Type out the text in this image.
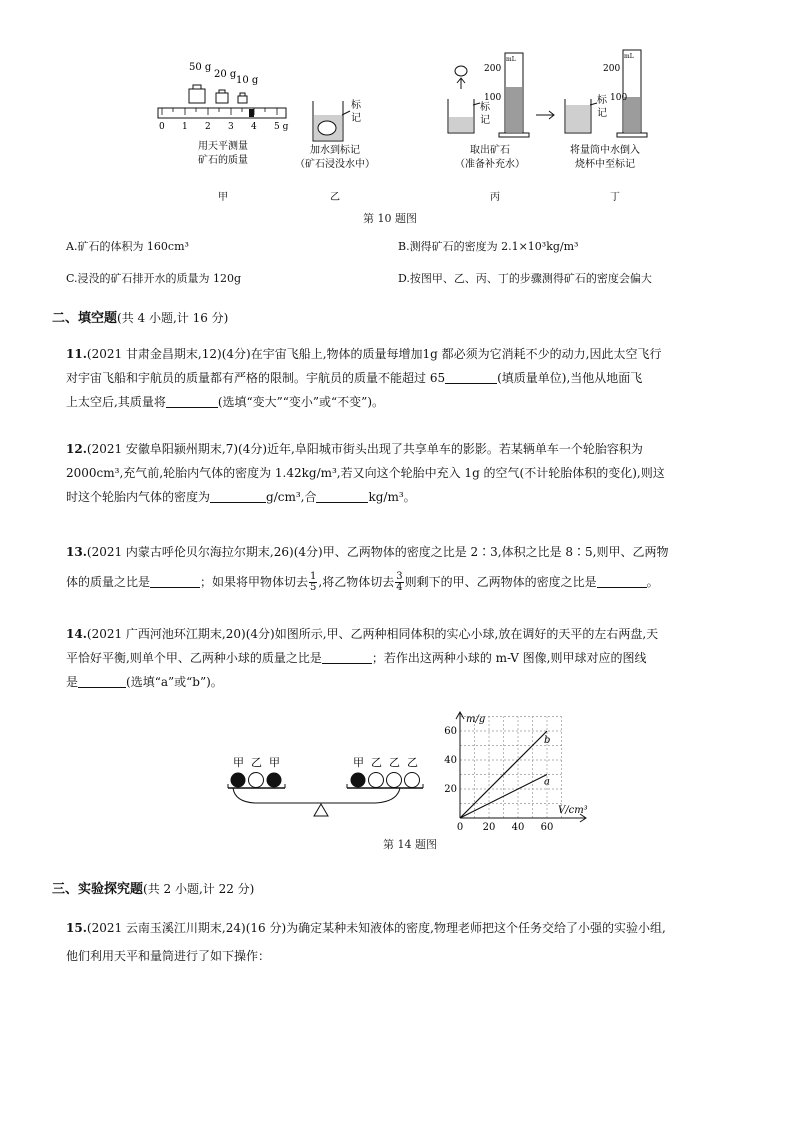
50 g
20 g
10 g
0 1 2 3 4 5 g
用天平测量
矿石的质量
甲
标
记
加水到标记
（矿石浸没水中）
乙
标
记
mL
200
100
取出矿石
（准备补充水）
丙
标
记
mL
200
100
将量筒中水倒入
烧杯中至标记
丁
第 10 题图
A.矿石的体积为 160cm³	B.测得矿石的密度为 2.1×10³kg/m³
C.浸没的矿石排开水的质量为 120g	D.按图甲、乙、丙、丁的步骤测得矿石的密度会偏大
二、填空题(共 4 小题,计 16 分)
11.(2021 甘肃金昌期末,12)(4分)在宇宙飞船上,物体的质量每增加1g 都必须为它消耗不少的动力,因此太空飞行
对宇宙飞船和宇航员的质量都有严格的限制。宇航员的质量不能超过 65	(填质量单位),当他从地面飞
上太空后,其质量将	(选填“变大”“变小”或“不变”)。
12.(2021 安徽阜阳颍州期末,7)(4分)近年,阜阳城市街头出现了共享单车的影影。若某辆单车一个轮胎容积为
2000cm³,充气前,轮胎内气体的密度为 1.42kg/m³,若又向这个轮胎中充入 1g 的空气(不计轮胎体积的变化),则这
时这个轮胎内气体的密度为	g/cm³,合	kg/m³。
13.(2021 内蒙古呼伦贝尔海拉尔期末,26)(4分)甲、乙两物体的密度之比是 2∶3,体积之比是 8∶5,则甲、乙两物
体的质量之比是	；如果将甲物体切去 $\frac{1}{5}$ ,将乙物体切去 $\frac{3}{4}$ 则剩下的甲、乙两物体的密度之比是	。
14.(2021 广西河池环江期末,20)(4分)如图所示,甲、乙两种相同体积的实心小球,放在调好的天平的左右两盘,天
平恰好平衡,则单个甲、乙两种小球的质量之比是	；若作出这两种小球的 m-V 图像,则甲球对应的图线
是	(选填“a”或“b”)。
甲 乙 甲	甲 乙 乙 乙
m/g
V/cm³
0 20 40 60
20
40
60
a
b
第 14 题图
三、实验探究题(共 2 小题,计 22 分)
15.(2021 云南玉溪江川期末,24)(16 分)为确定某种未知液体的密度,物理老师把这个任务交给了小强的实验小组,
他们利用天平和量筒进行了如下操作：
